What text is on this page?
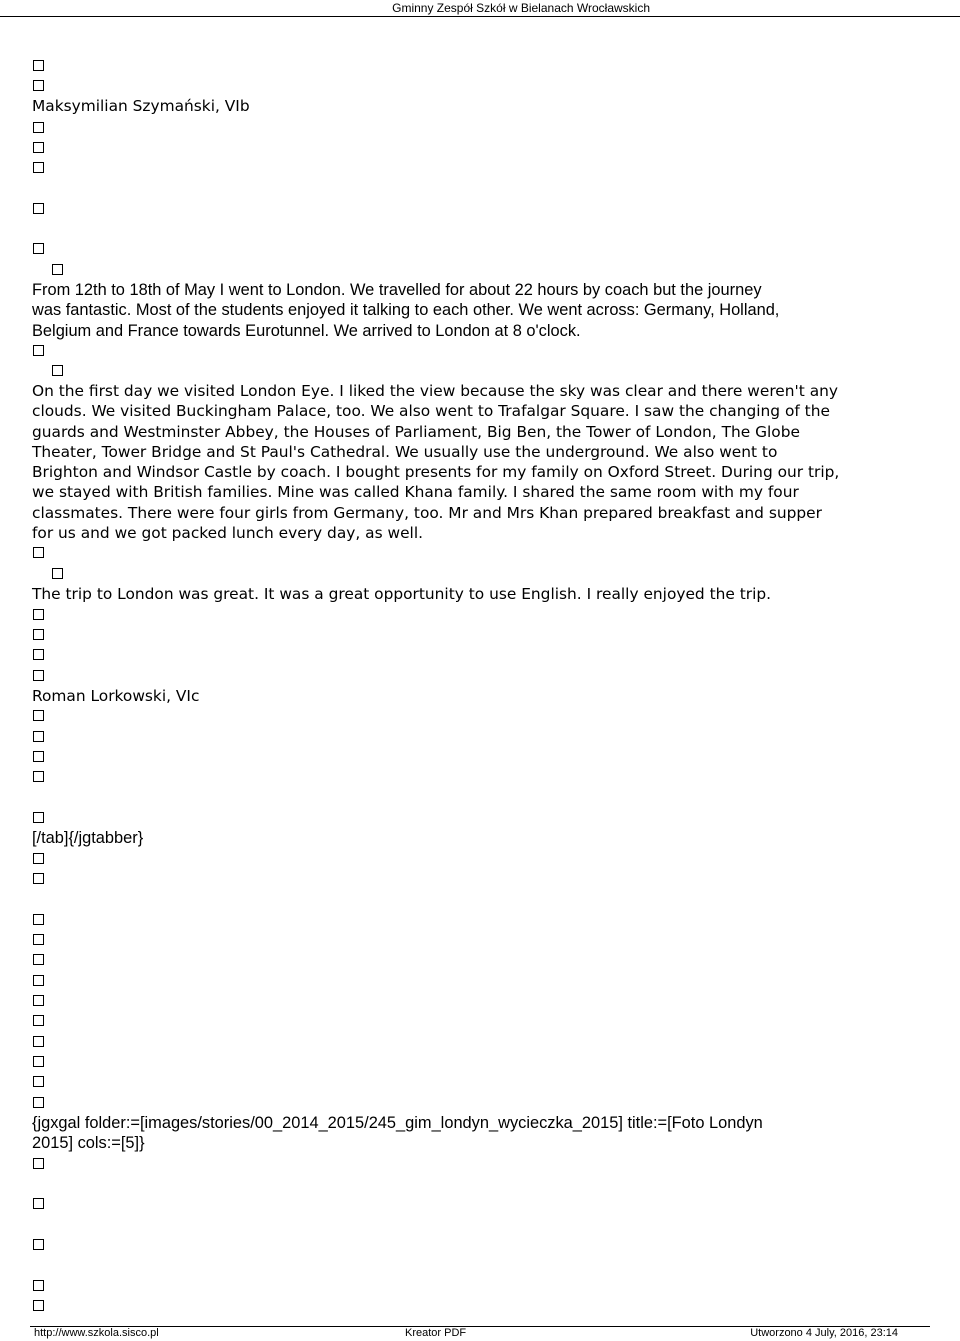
Gminny Zespół Szkół w Bielanach Wrocławskich
Maksymilian Szymański, VIb
From 12th to 18th of May I went to London. We travelled for about 22 hours by coach but the journey
was fantastic. Most of the students enjoyed it talking to each other. We went across: Germany, Holland,
Belgium and France towards Eurotunnel. We arrived to London at 8 o'clock.
On the first day we visited London Eye. I liked the view because the sky was clear and there weren't any
clouds. We visited Buckingham Palace, too. We also went to Trafalgar Square. I saw the changing of the
guards and Westminster Abbey, the Houses of Parliament, Big Ben, the Tower of London, The Globe
Theater, Tower Bridge and St Paul's Cathedral. We usually use the underground. We also went to
Brighton and Windsor Castle by coach. I bought presents for my family on Oxford Street. During our trip,
we stayed with British families. Mine was called Khana family. I shared the same room with my four
classmates. There were four girls from Germany, too. Mr and Mrs Khan prepared breakfast and supper
for us and we got packed lunch every day, as well.
The trip to London was great. It was a great opportunity to use English. I really enjoyed the trip.
Roman Lorkowski, VIc
[/tab]{/jgtabber}
{jgxgal folder:=[images/stories/00_2014_2015/245_gim_londyn_wycieczka_2015] title:=[Foto Londyn
2015] cols:=[5]}
http://www.szkola.sisco.pl	Kreator PDF	Utworzono 4 July, 2016, 23:14
